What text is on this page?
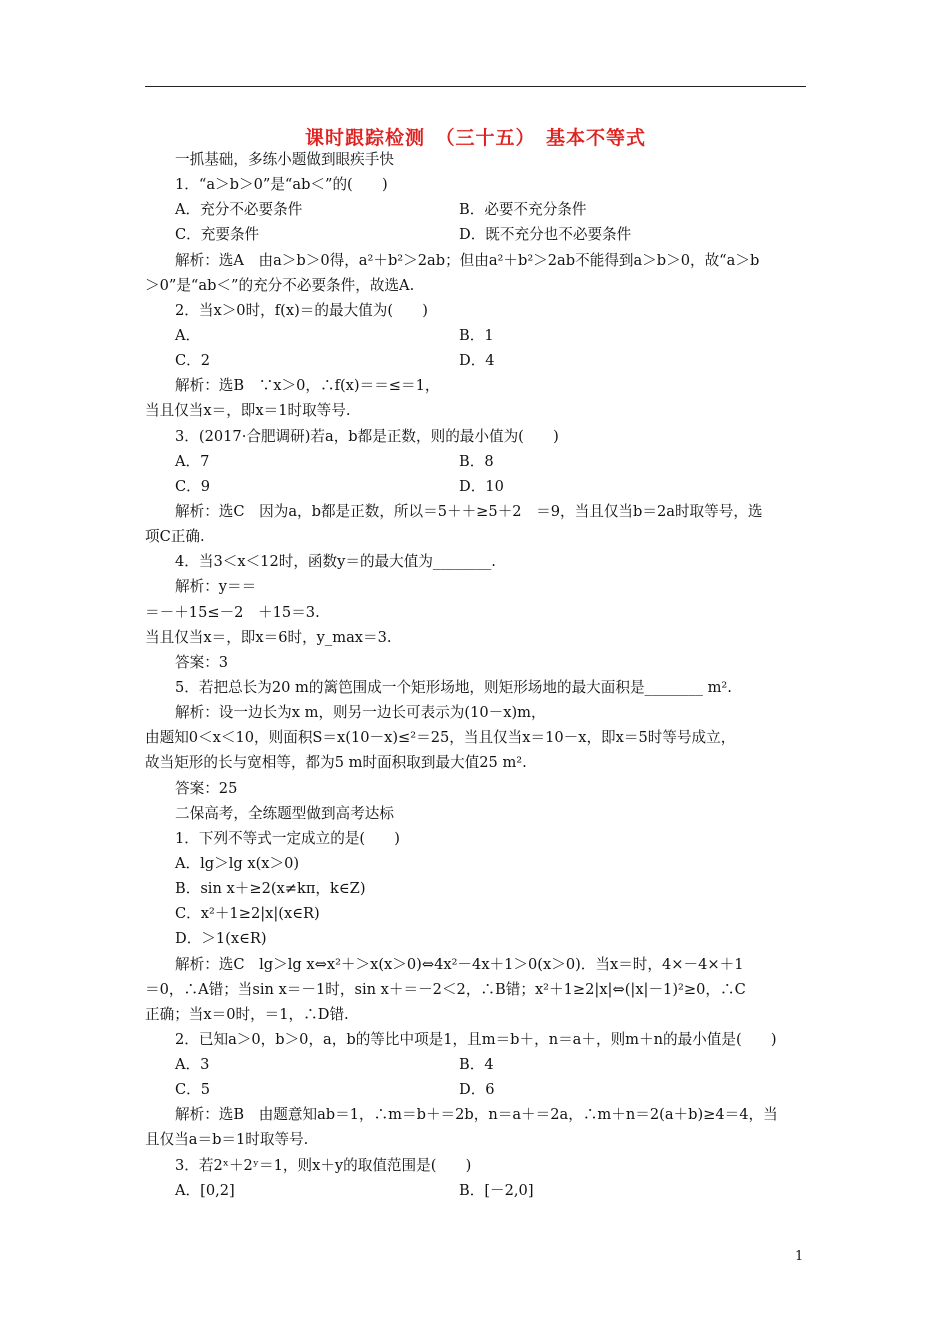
课时跟踪检测　（三十五）　基本不等式
一抓基础，多练小题做到眼疾手快
1．“a＞b＞0”是“ab＜”的(　　)
A．充分不必要条件	B．必要不充分条件
C．充要条件	D．既不充分也不必要条件
解析：选A　由a＞b＞0得，a²＋b²＞2ab；但由a²＋b²＞2ab不能得到a＞b＞0，故“a＞b
＞0”是“ab＜”的充分不必要条件，故选A.
2．当x＞0时，f(x)＝的最大值为(　　)
A．	B．1
C．2	D．4
解析：选B　∵x＞0，∴f(x)＝＝≤＝1，
当且仅当x＝，即x＝1时取等号.
3．(2017·合肥调研)若a，b都是正数，则的最小值为(　　)
A．7	B．8
C．9	D．10
解析：选C　因为a，b都是正数，所以＝5＋＋≥5＋2　＝9，当且仅当b＝2a时取等号，选
项C正确.
4．当3＜x＜12时，函数y＝的最大值为________.
解析：y＝＝
＝－＋15≤－2　＋15＝3.
当且仅当x＝，即x＝6时，y_max＝3.
答案：3
5．若把总长为20 m的篱笆围成一个矩形场地，则矩形场地的最大面积是________ m².
解析：设一边长为x m，则另一边长可表示为(10－x)m，
由题知0＜x＜10，则面积S＝x(10－x)≤²＝25，当且仅当x＝10－x，即x＝5时等号成立，
故当矩形的长与宽相等，都为5 m时面积取到最大值25 m².
答案：25
二保高考，全练题型做到高考达标
1．下列不等式一定成立的是(　　)
A．lg＞lg x(x＞0)
B．sin x＋≥2(x≠kπ，k∈Z)
C．x²＋1≥2|x|(x∈R)
D．＞1(x∈R)
解析：选C　lg＞lg x⇔x²＋＞x(x＞0)⇔4x²－4x＋1＞0(x＞0)．当x＝时，4×－4×＋1
＝0，∴A错；当sin x＝－1时，sin x＋＝－2＜2，∴B错；x²＋1≥2|x|⇔(|x|－1)²≥0，∴C
正确；当x＝0时，＝1，∴D错.
2．已知a＞0，b＞0，a，b的等比中项是1，且m＝b＋，n＝a＋，则m＋n的最小值是(　　)
A．3	B．4
C．5	D．6
解析：选B　由题意知ab＝1，∴m＝b＋＝2b，n＝a＋＝2a，∴m＋n＝2(a＋b)≥4＝4，当
且仅当a＝b＝1时取等号.
3．若2ˣ＋2ʸ＝1，则x＋y的取值范围是(　　)
A．[0,2]	B．[－2,0]
1
